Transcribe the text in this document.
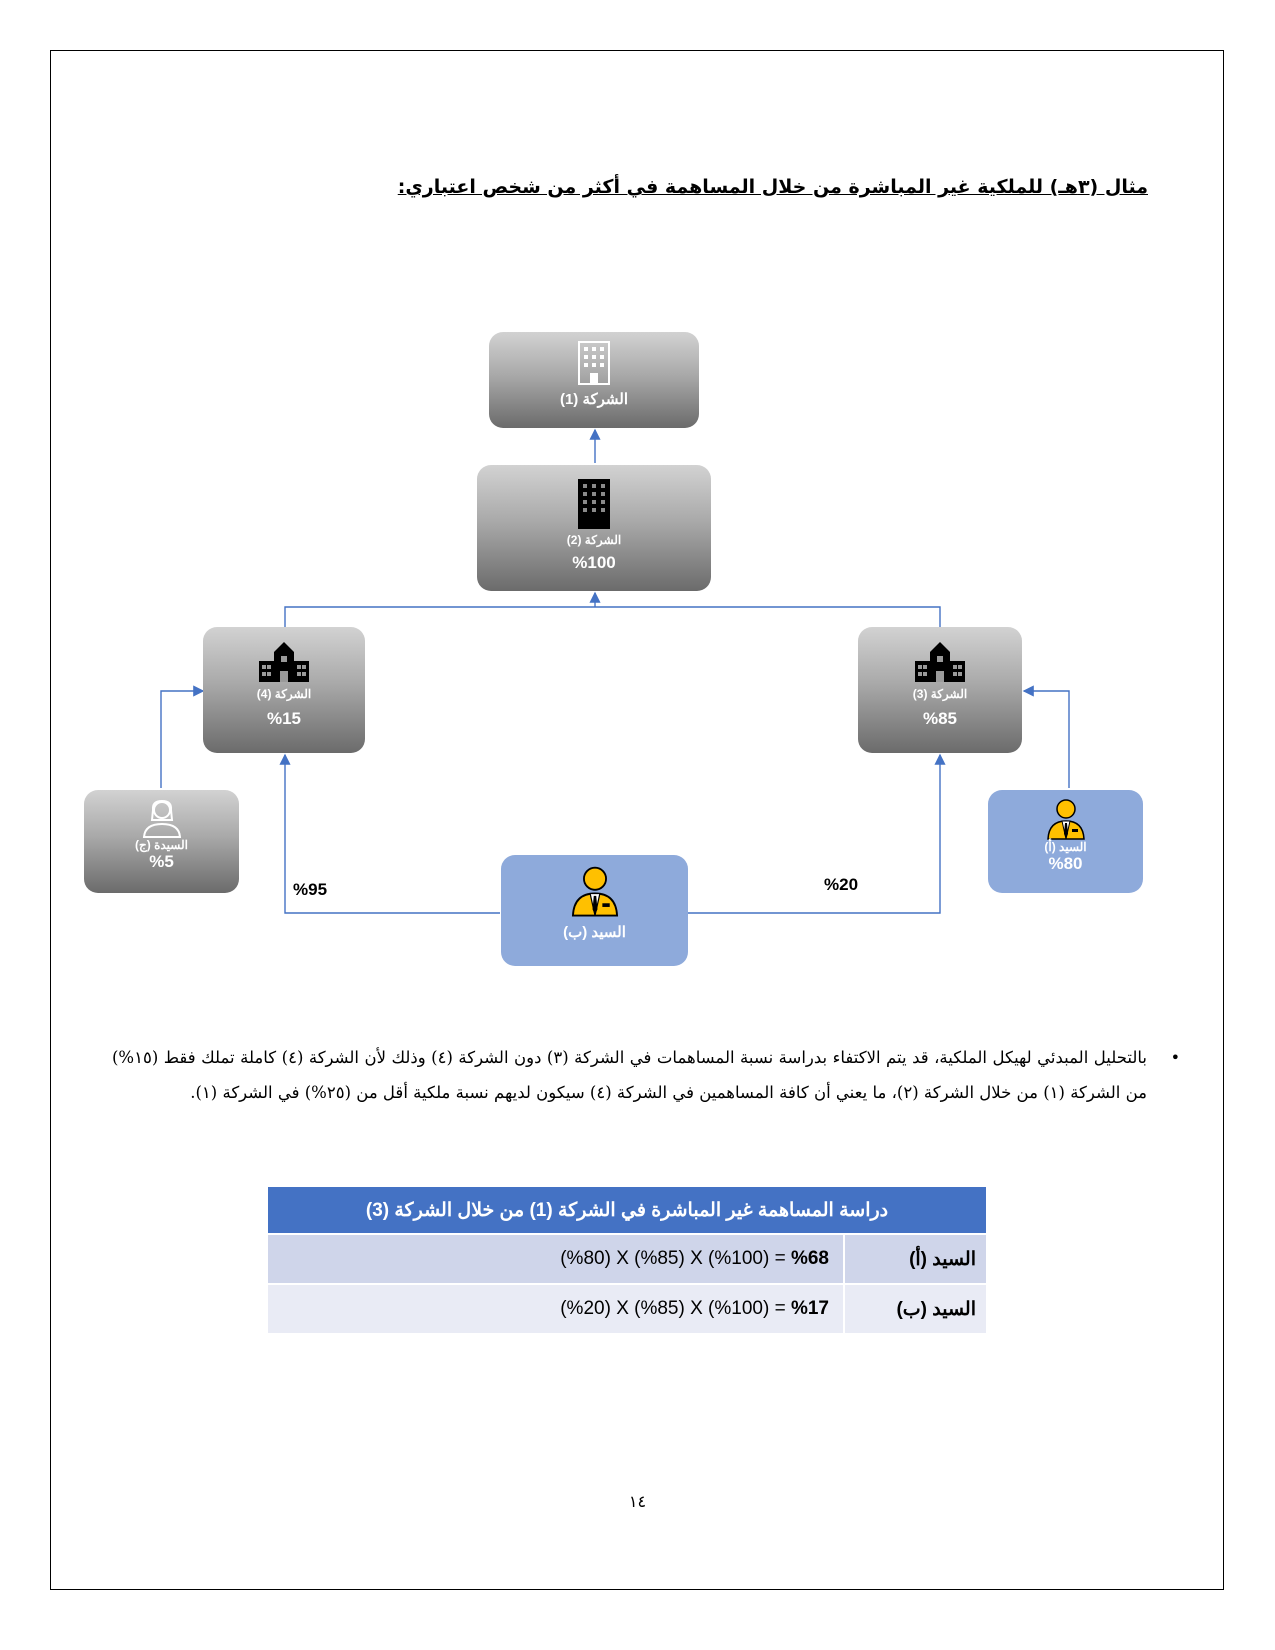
مثال (٣هـ) للملكية غير المباشرة من خلال المساهمة في أكثر من شخص اعتباري:
الشركة (1)
الشركة (2)
%100
الشركة (4)
%15
الشركة (3)
%85
السيدة (ج)
%5
السيد (أ)
%80
السيد (ب)
%95	%20
•
بالتحليل المبدئي لهيكل الملكية، قد يتم الاكتفاء بدراسة نسبة المساهمات في الشركة (٣) دون الشركة (٤) وذلك لأن الشركة (٤) كاملة تملك فقط (١٥%) من الشركة (١) من خلال الشركة (٢)، ما يعني أن كافة المساهمين في الشركة (٤) سيكون لديهم نسبة ملكية أقل من (٢٥%) في الشركة (١).
دراسة المساهمة غير المباشرة في الشركة (1) من خلال الشركة (3)	
السيد (أ)	(%80) X (%85) X (%100) = %68
السيد (ب)	(%20) X (%85) X (%100) = %17
١٤
